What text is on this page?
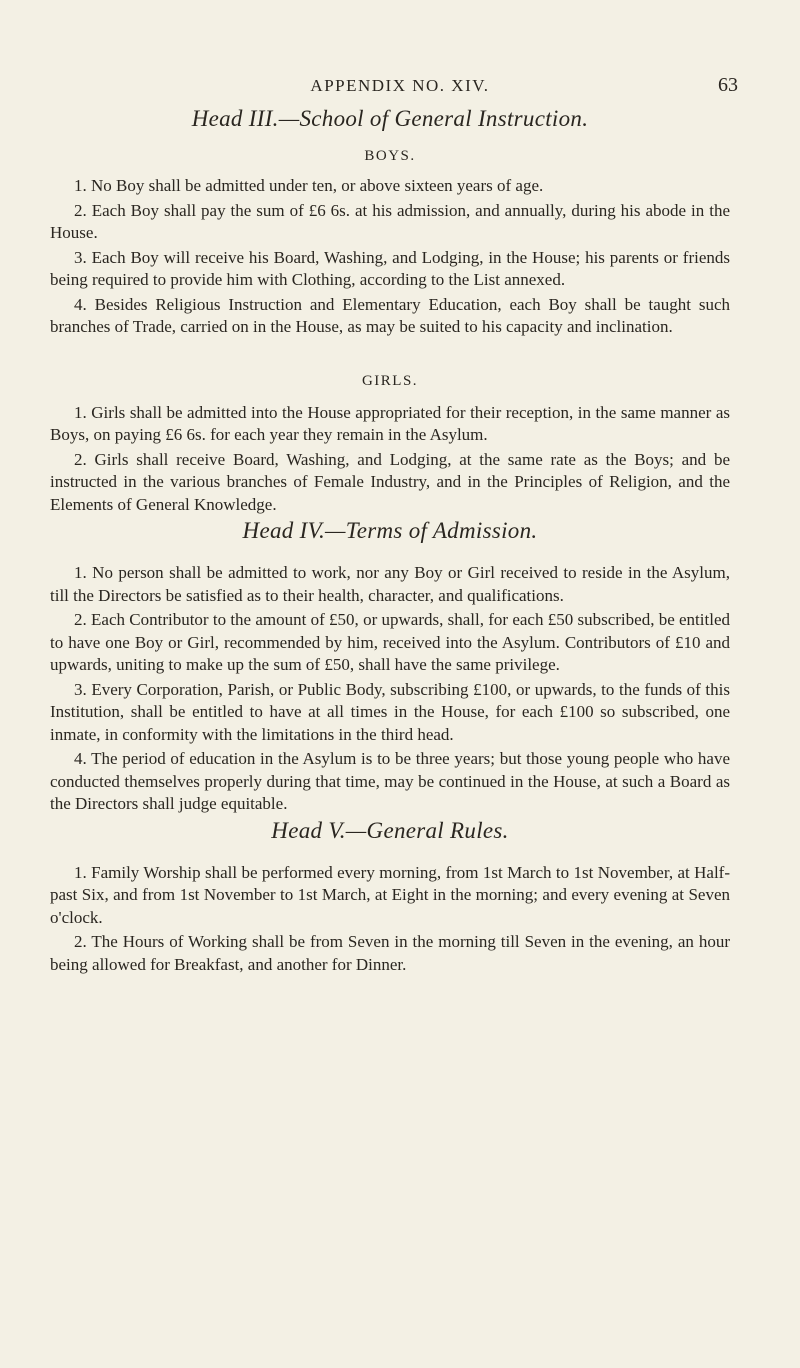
APPENDIX NO. XIV.	63
Head III.—School of General Instruction.
BOYS.
1. No Boy shall be admitted under ten, or above sixteen years of age.
2. Each Boy shall pay the sum of £6 6s. at his admission, and annually, during his abode in the House.
3. Each Boy will receive his Board, Washing, and Lodging, in the House; his parents or friends being required to provide him with Clothing, according to the List annexed.
4. Besides Religious Instruction and Elementary Education, each Boy shall be taught such branches of Trade, carried on in the House, as may be suited to his capacity and inclination.
GIRLS.
1. Girls shall be admitted into the House appropriated for their reception, in the same manner as Boys, on paying £6 6s. for each year they remain in the Asylum.
2. Girls shall receive Board, Washing, and Lodging, at the same rate as the Boys; and be instructed in the various branches of Female Industry, and in the Principles of Religion, and the Elements of General Knowledge.
Head IV.—Terms of Admission.
1. No person shall be admitted to work, nor any Boy or Girl received to reside in the Asylum, till the Directors be satisfied as to their health, character, and qualifications.
2. Each Contributor to the amount of £50, or upwards, shall, for each £50 subscribed, be entitled to have one Boy or Girl, recommended by him, received into the Asylum. Contributors of £10 and upwards, uniting to make up the sum of £50, shall have the same privilege.
3. Every Corporation, Parish, or Public Body, subscribing £100, or upwards, to the funds of this Institution, shall be entitled to have at all times in the House, for each £100 so subscribed, one inmate, in conformity with the limitations in the third head.
4. The period of education in the Asylum is to be three years; but those young people who have conducted themselves properly during that time, may be continued in the House, at such a Board as the Directors shall judge equitable.
Head V.—General Rules.
1. Family Worship shall be performed every morning, from 1st March to 1st November, at Half-past Six, and from 1st November to 1st March, at Eight in the morning; and every evening at Seven o'clock.
2. The Hours of Working shall be from Seven in the morning till Seven in the evening, an hour being allowed for Breakfast, and another for Dinner.
